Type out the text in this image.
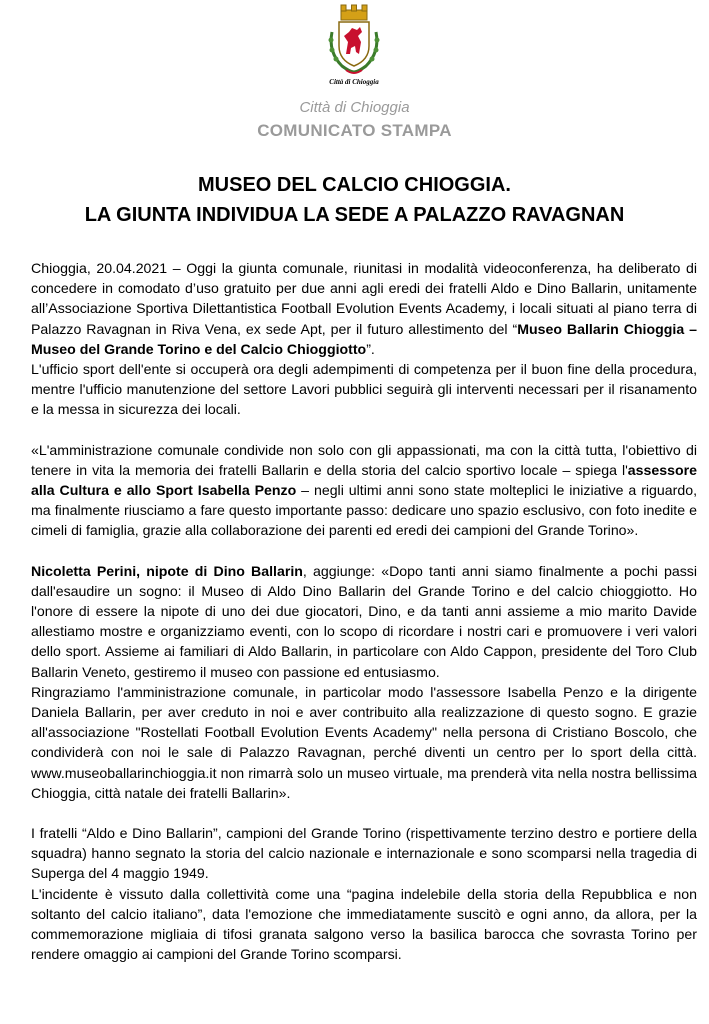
Città di Chioggia
Città di Chioggia
COMUNICATO STAMPA
MUSEO DEL CALCIO CHIOGGIA.
LA GIUNTA INDIVIDUA LA SEDE A PALAZZO RAVAGNAN

Chioggia, 20.04.2021 – Oggi la giunta comunale, riunitasi in modalità videoconferenza, ha deliberato di concedere in comodato d’uso gratuito per due anni agli eredi dei fratelli Aldo e Dino Ballarin, unitamente all’Associazione Sportiva Dilettantistica Football Evolution Events Academy, i locali situati al piano terra di Palazzo Ravagnan in Riva Vena, ex sede Apt, per il futuro allestimento del “Museo Ballarin Chioggia – Museo del Grande Torino e del Calcio Chioggiotto”.

L'ufficio sport dell'ente si occuperà ora degli adempimenti di competenza per il buon fine della procedura, mentre l'ufficio manutenzione del settore Lavori pubblici seguirà gli interventi necessari per il risanamento e la messa in sicurezza dei locali.

«L'amministrazione comunale condivide non solo con gli appassionati, ma con la città tutta, l'obiettivo di tenere in vita la memoria dei fratelli Ballarin e della storia del calcio sportivo locale – spiega l'assessore alla Cultura e allo Sport Isabella Penzo – negli ultimi anni sono state molteplici le iniziative a riguardo, ma finalmente riusciamo a fare questo importante passo: dedicare uno spazio esclusivo, con foto inedite e cimeli di famiglia, grazie alla collaborazione dei parenti ed eredi dei campioni del Grande Torino».

Nicoletta Perini, nipote di Dino Ballarin, aggiunge: «Dopo tanti anni siamo finalmente a pochi passi dall'esaudire un sogno: il Museo di Aldo Dino Ballarin del Grande Torino e del calcio chioggiotto. Ho l'onore di essere la nipote di uno dei due giocatori, Dino, e da tanti anni assieme a mio marito Davide allestiamo mostre e organizziamo eventi, con lo scopo di ricordare i nostri cari e promuovere i veri valori dello sport. Assieme ai familiari di Aldo Ballarin, in particolare con Aldo Cappon, presidente del Toro Club Ballarin Veneto, gestiremo il museo con passione ed entusiasmo.

Ringraziamo l'amministrazione comunale, in particolar modo l'assessore Isabella Penzo e la dirigente Daniela Ballarin, per aver creduto in noi e aver contribuito alla realizzazione di questo sogno. E grazie all'associazione "Rostellati Football Evolution Events Academy" nella persona di Cristiano Boscolo, che condividerà con noi le sale di Palazzo Ravagnan, perché diventi un centro per lo sport della città. www.museoballarinchioggia.it non rimarrà solo un museo virtuale, ma prenderà vita nella nostra bellissima Chioggia, città natale dei fratelli Ballarin».

I fratelli “Aldo e Dino Ballarin”, campioni del Grande Torino (rispettivamente terzino destro e portiere della squadra) hanno segnato la storia del calcio nazionale e internazionale e sono scomparsi nella tragedia di Superga del 4 maggio 1949.

L'incidente è vissuto dalla collettività come una “pagina indelebile della storia della Repubblica e non soltanto del calcio italiano”, data l'emozione che immediatamente suscitò e ogni anno, da allora, per la commemorazione migliaia di tifosi granata salgono verso la basilica barocca che sovrasta Torino per rendere omaggio ai campioni del Grande Torino scomparsi.
